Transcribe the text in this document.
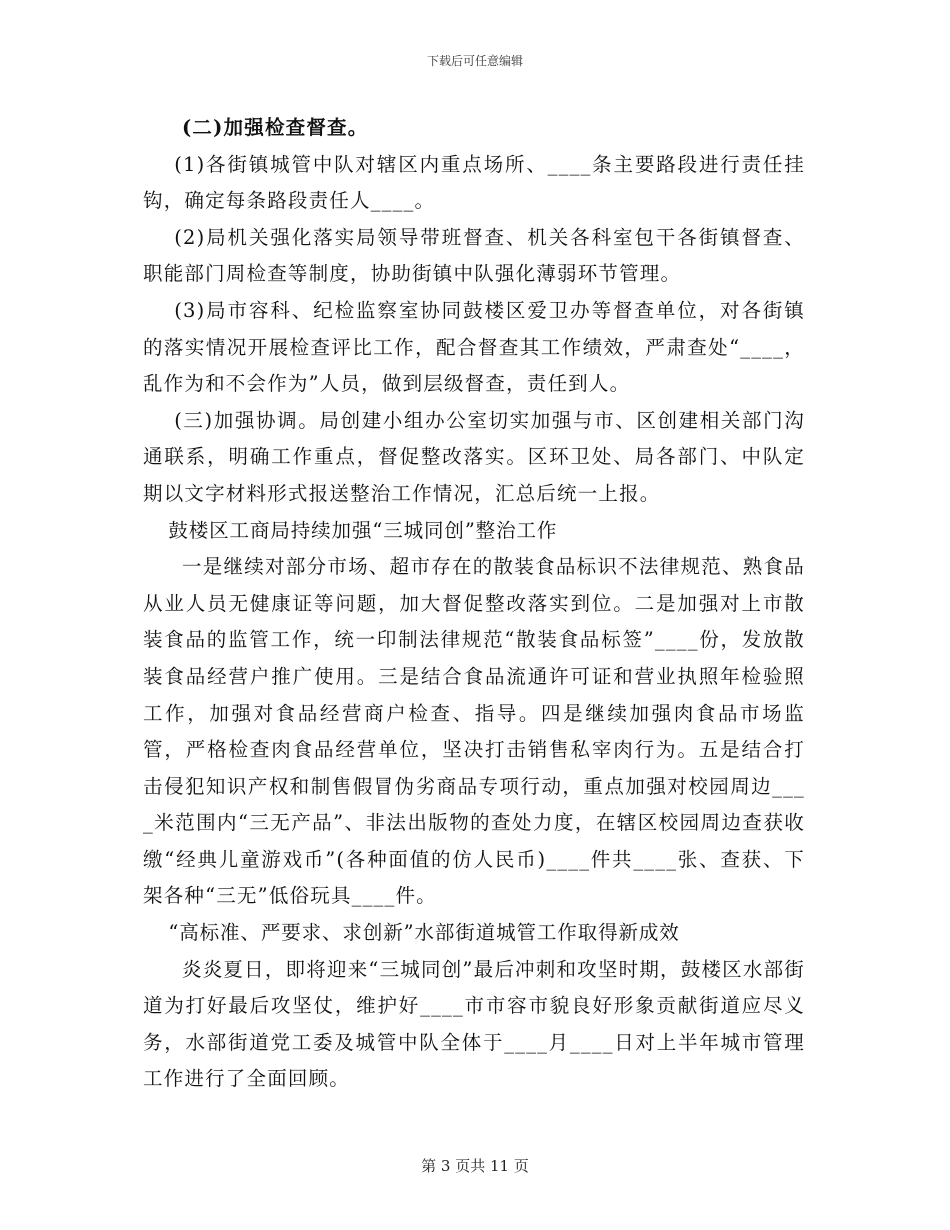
下载后可任意编辑

(二)加强检查督查。

(1)各街镇城管中队对辖区内重点场所、____条主要路段进行责任挂钩，确定每条路段责任人____。

(2)局机关强化落实局领导带班督查、机关各科室包干各街镇督查、职能部门周检查等制度，协助街镇中队强化薄弱环节管理。

(3)局市容科、纪检监察室协同鼓楼区爱卫办等督查单位，对各街镇的落实情况开展检查评比工作，配合督查其工作绩效，严肃查处“____，乱作为和不会作为”人员，做到层级督查，责任到人。

(三)加强协调。局创建小组办公室切实加强与市、区创建相关部门沟通联系，明确工作重点，督促整改落实。区环卫处、局各部门、中队定期以文字材料形式报送整治工作情况，汇总后统一上报。

鼓楼区工商局持续加强“三城同创”整治工作

一是继续对部分市场、超市存在的散装食品标识不法律规范、熟食品从业人员无健康证等问题，加大督促整改落实到位。二是加强对上市散装食品的监管工作，统一印制法律规范“散装食品标签”____份，发放散装食品经营户推广使用。三是结合食品流通许可证和营业执照年检验照工作，加强对食品经营商户检查、指导。四是继续加强肉食品市场监管，严格检查肉食品经营单位，坚决打击销售私宰肉行为。五是结合打击侵犯知识产权和制售假冒伪劣商品专项行动，重点加强对校园周边____米范围内“三无产品”、非法出版物的查处力度，在辖区校园周边查获收缴“经典儿童游戏币”(各种面值的仿人民币)____件共____张、查获、下架各种“三无”低俗玩具____件。

“高标准、严要求、求创新”水部街道城管工作取得新成效

炎炎夏日，即将迎来“三城同创”最后冲刺和攻坚时期，鼓楼区水部街道为打好最后攻坚仗，维护好____市市容市貌良好形象贡献街道应尽义务，水部街道党工委及城管中队全体于____月____日对上半年城市管理工作进行了全面回顾。

第 3 页共 11 页
